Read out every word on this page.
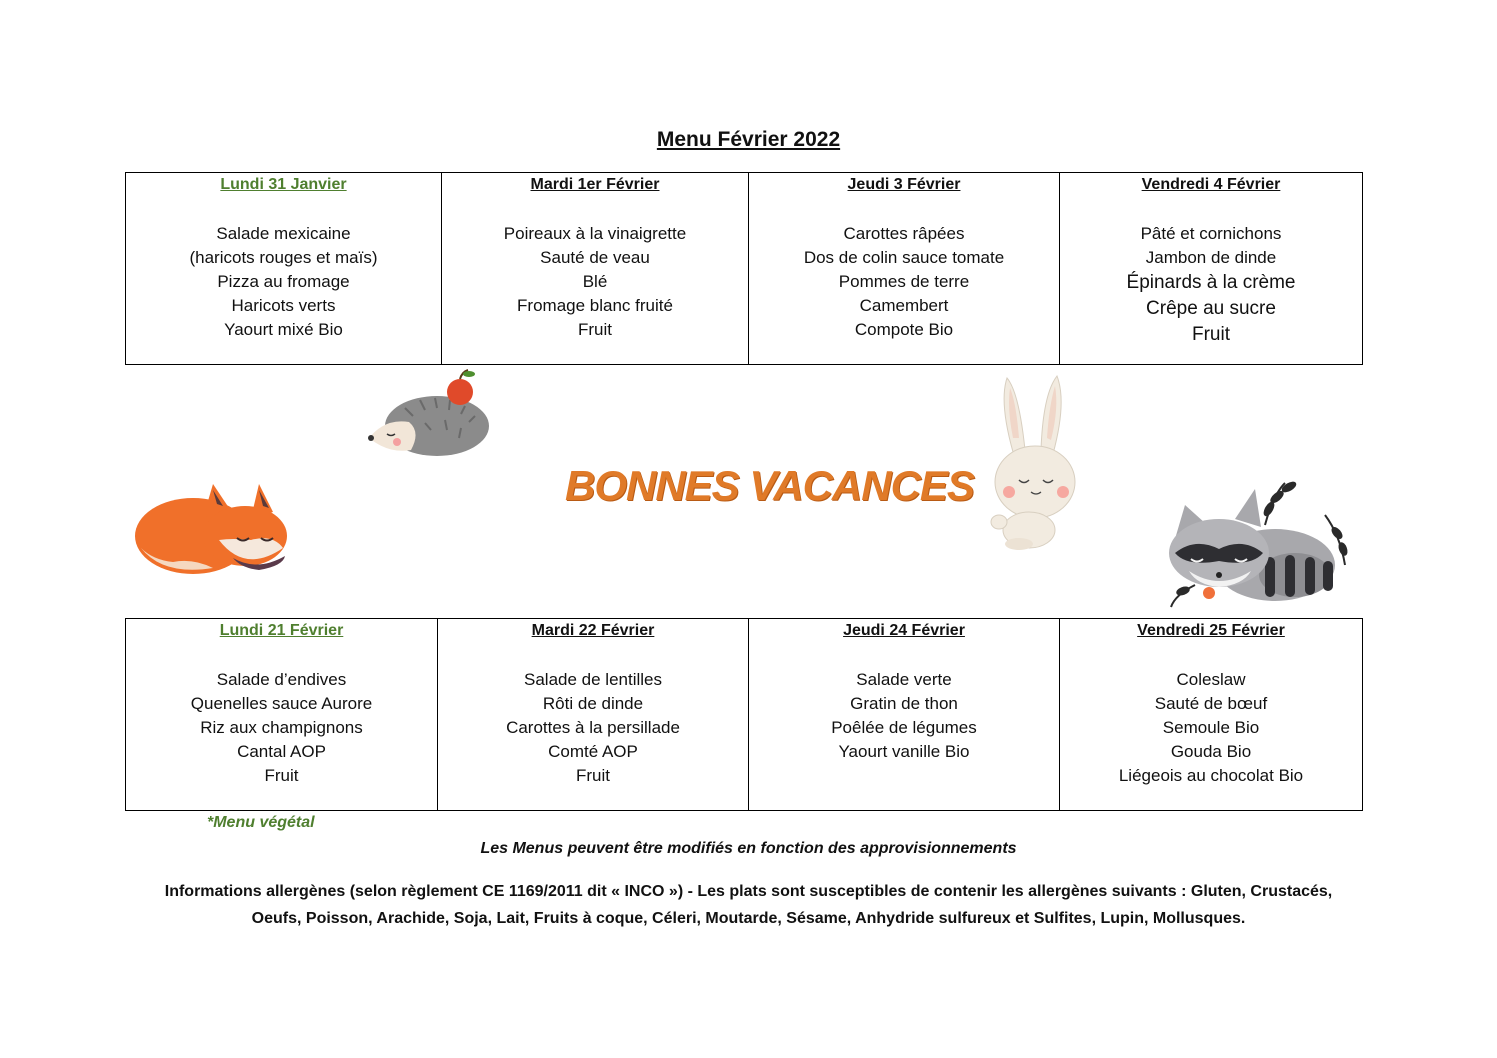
Menu Février 2022
Lundi 31 Janvier
Salade mexicaine
(haricots rouges et maïs)
Pizza au fromage
Haricots verts
Yaourt mixé Bio

Mardi 1er Février
Poireaux à la vinaigrette
Sauté de veau
Blé
Fromage blanc fruité
Fruit

Jeudi 3 Février
Carottes râpées
Dos de colin sauce tomate
Pommes de terre
Camembert
Compote Bio

Vendredi 4 Février
Pâté et cornichons
Jambon de dinde
Épinards à la crème
Crêpe au sucre
Fruit
BONNES VACANCES
Lundi 21 Février
Salade d’endives
Quenelles sauce Aurore
Riz aux champignons
Cantal AOP
Fruit

Mardi 22 Février
Salade de lentilles
Rôti de dinde
Carottes à la persillade
Comté AOP
Fruit

Jeudi 24 Février
Salade verte
Gratin de thon
Poêlée de légumes
Yaourt vanille Bio

Vendredi 25 Février
Coleslaw
Sauté de bœuf
Semoule Bio
Gouda Bio
Liégeois au chocolat Bio
*Menu végétal
Les Menus peuvent être modifiés en fonction des approvisionnements
Informations allergènes (selon règlement CE 1169/2011 dit « INCO ») - Les plats sont susceptibles de contenir les allergènes suivants : Gluten, Crustacés,
Oeufs, Poisson, Arachide, Soja, Lait, Fruits à coque, Céleri, Moutarde, Sésame, Anhydride sulfureux et Sulfites, Lupin, Mollusques.
